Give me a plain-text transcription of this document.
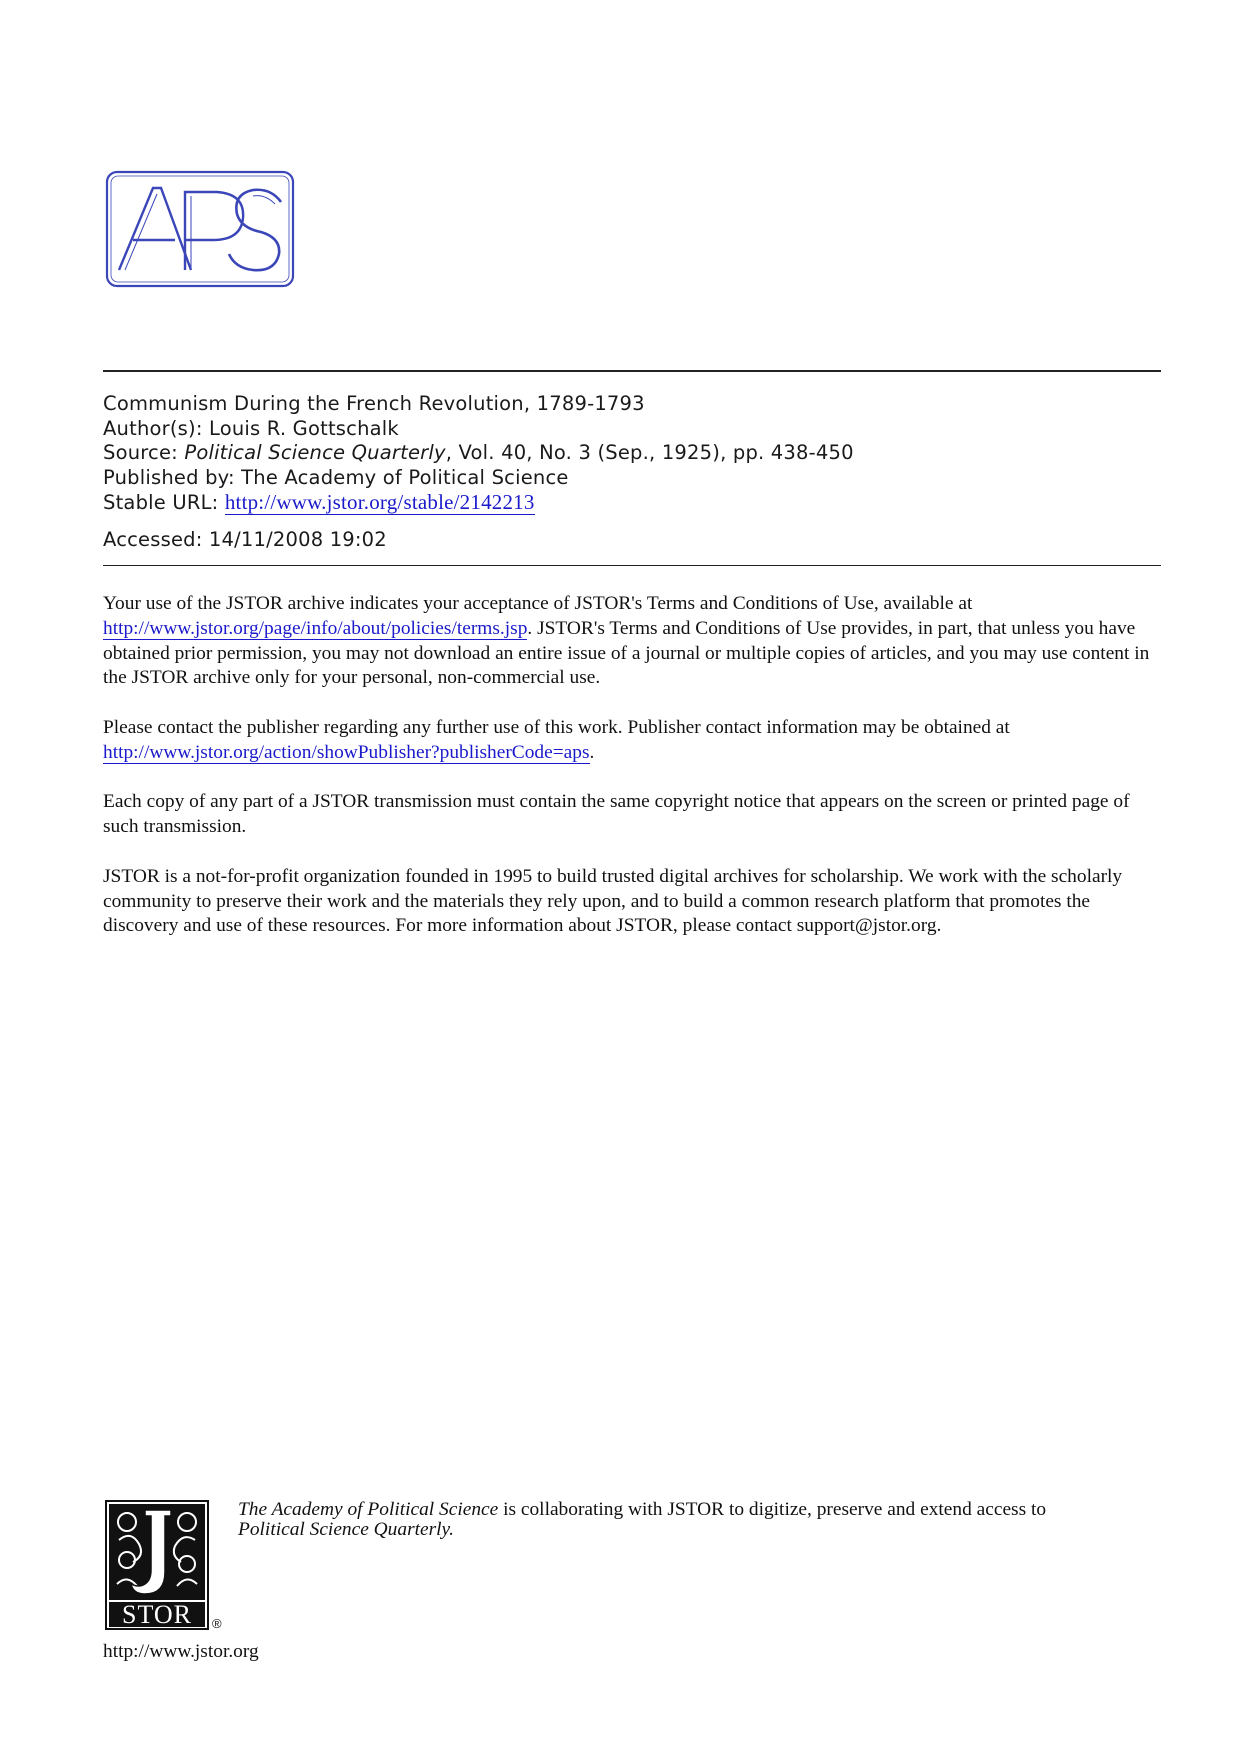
Communism During the French Revolution, 1789-1793
Author(s): Louis R. Gottschalk
Source: Political Science Quarterly, Vol. 40, No. 3 (Sep., 1925), pp. 438-450
Published by: The Academy of Political Science
Stable URL: http://www.jstor.org/stable/2142213
Accessed: 14/11/2008 19:02

Your use of the JSTOR archive indicates your acceptance of JSTOR's Terms and Conditions of Use, available at http://www.jstor.org/page/info/about/policies/terms.jsp. JSTOR's Terms and Conditions of Use provides, in part, that unless you have obtained prior permission, you may not download an entire issue of a journal or multiple copies of articles, and you may use content in the JSTOR archive only for your personal, non-commercial use.

Please contact the publisher regarding any further use of this work. Publisher contact information may be obtained at http://www.jstor.org/action/showPublisher?publisherCode=aps.

Each copy of any part of a JSTOR transmission must contain the same copyright notice that appears on the screen or printed page of such transmission.

JSTOR is a not-for-profit organization founded in 1995 to build trusted digital archives for scholarship. We work with the scholarly community to preserve their work and the materials they rely upon, and to build a common research platform that promotes the discovery and use of these resources. For more information about JSTOR, please contact support@jstor.org.

STOR ®
The Academy of Political Science is collaborating with JSTOR to digitize, preserve and extend access to
Political Science Quarterly.
http://www.jstor.org
